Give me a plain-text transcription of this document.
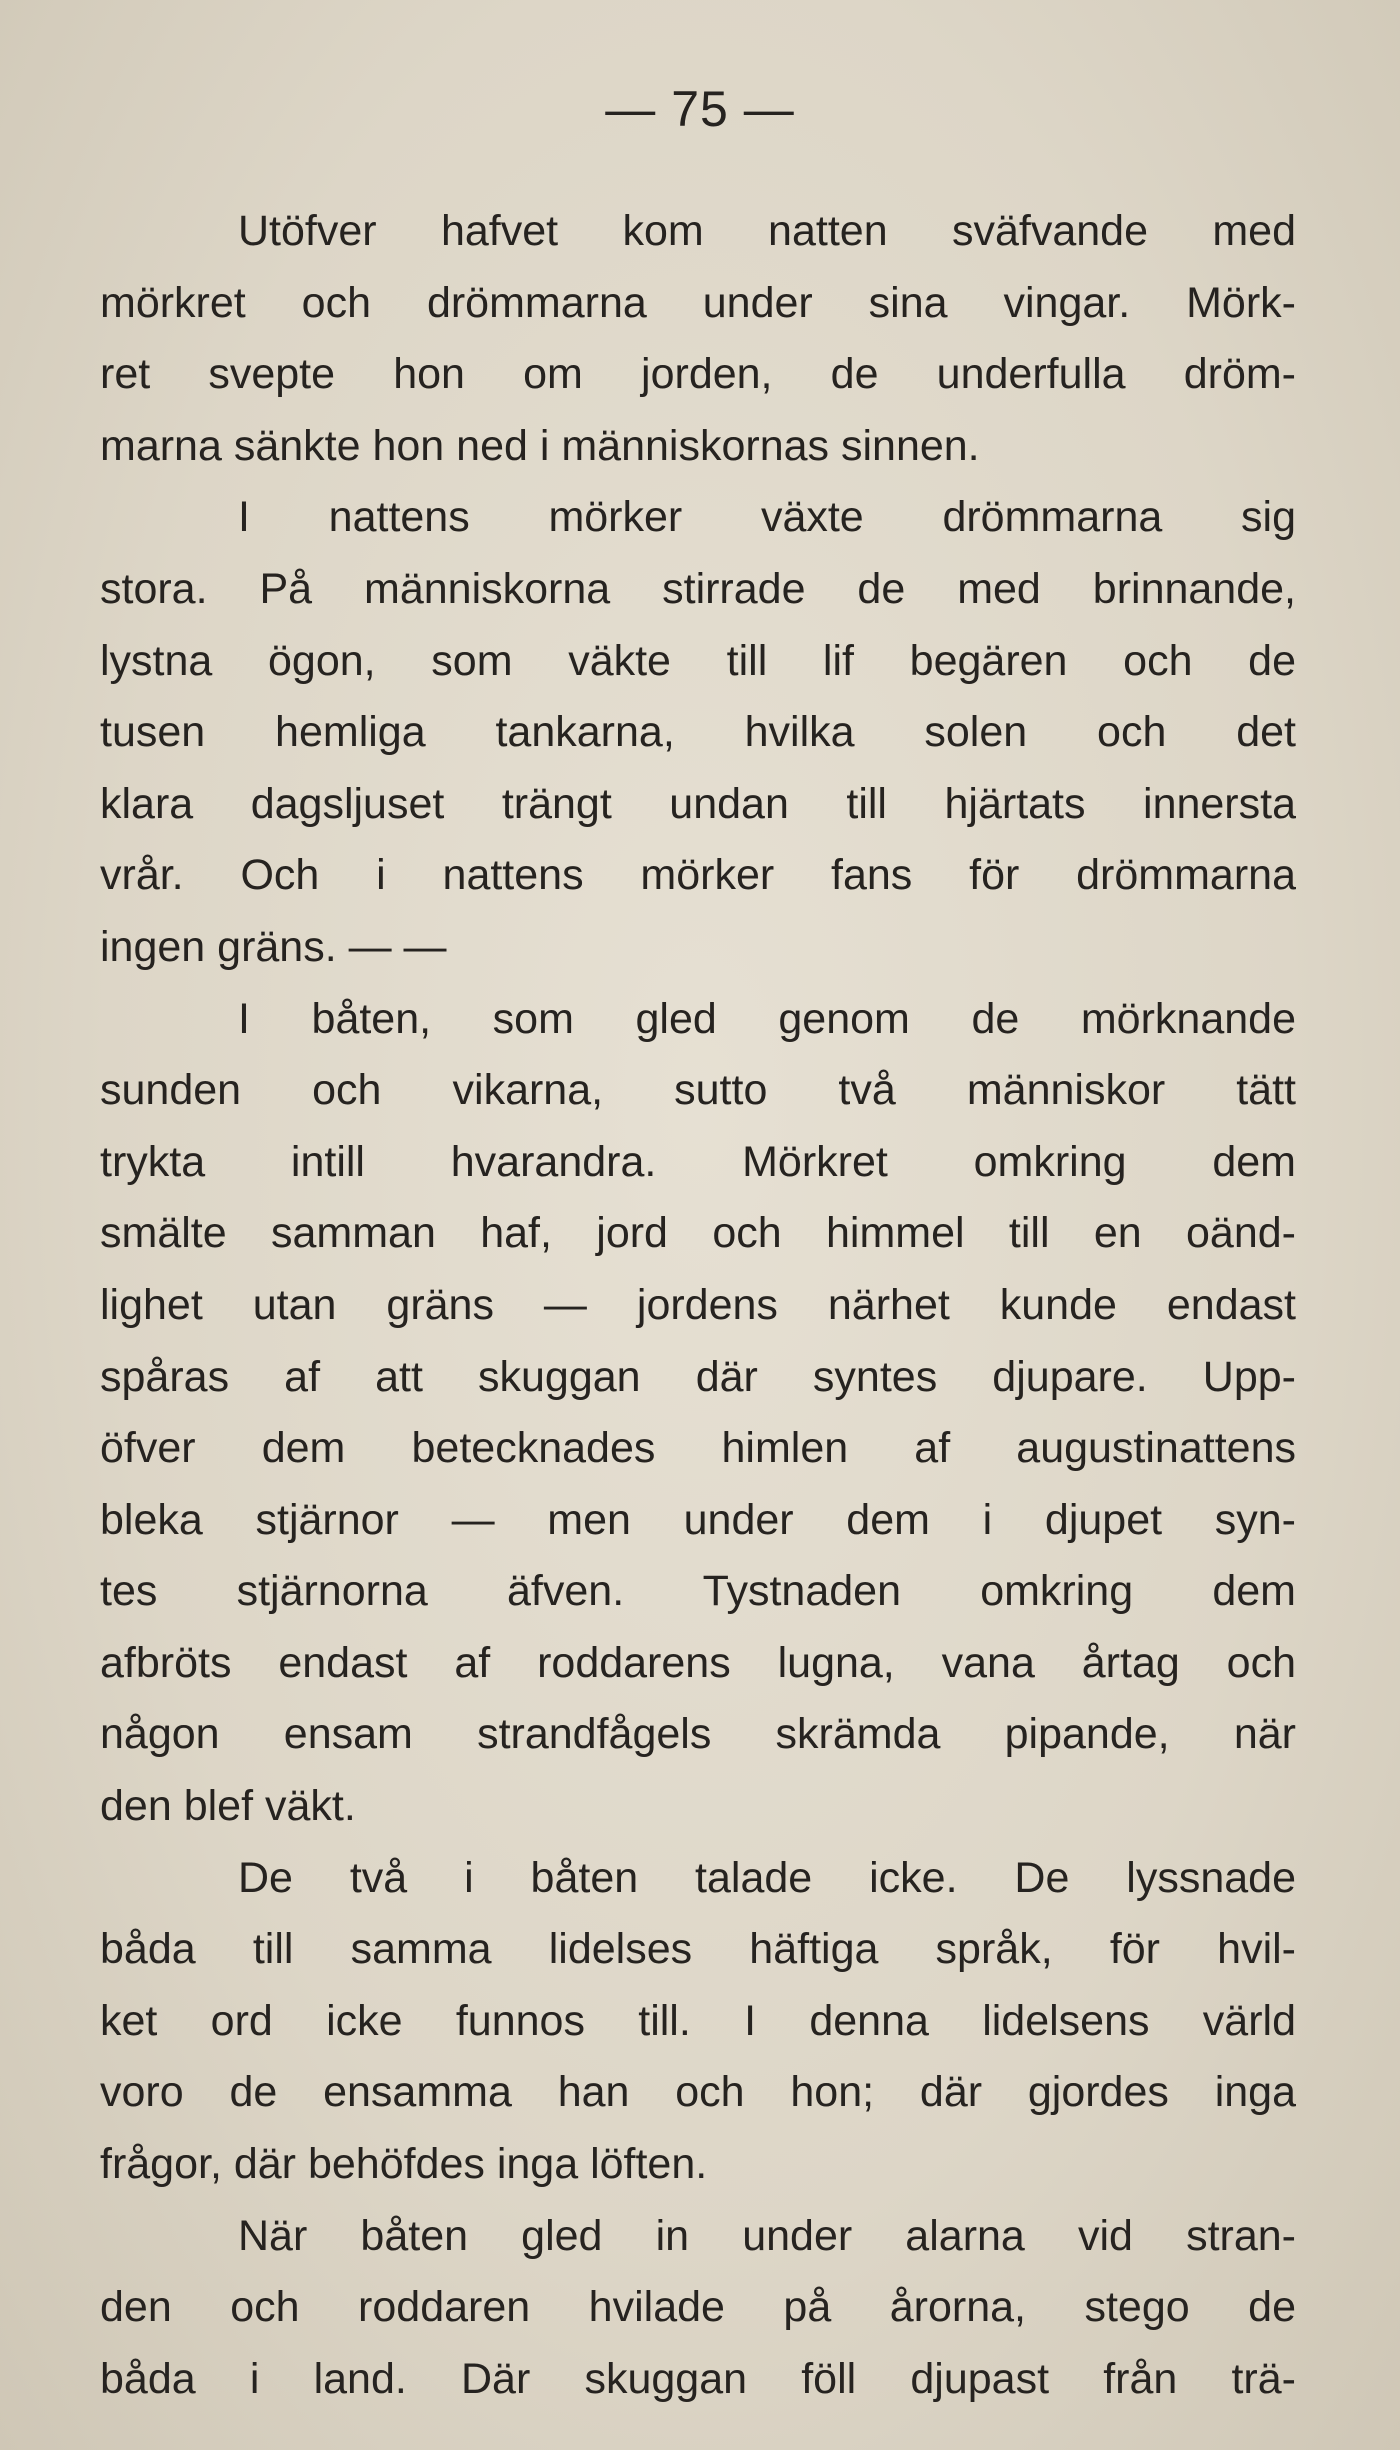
— 75 —
Utöfver hafvet kom natten sväfvande med
mörkret och drömmarna under sina vingar. Mörk-
ret svepte hon om jorden, de underfulla dröm-
marna sänkte hon ned i människornas sinnen.
I nattens mörker växte drömmarna sig
stora. På människorna stirrade de med brinnande,
lystna ögon, som väkte till lif begären och de
tusen hemliga tankarna, hvilka solen och det
klara dagsljuset trängt undan till hjärtats innersta
vrår. Och i nattens mörker fans för drömmarna
ingen gräns. — —
I båten, som gled genom de mörknande
sunden och vikarna, sutto två människor tätt
trykta intill hvarandra. Mörkret omkring dem
smälte samman haf, jord och himmel till en oänd-
lighet utan gräns — jordens närhet kunde endast
spåras af att skuggan där syntes djupare. Upp-
öfver dem betecknades himlen af augustinattens
bleka stjärnor — men under dem i djupet syn-
tes stjärnorna äfven. Tystnaden omkring dem
afbröts endast af roddarens lugna, vana årtag och
någon ensam strandfågels skrämda pipande, när
den blef väkt.
De två i båten talade icke. De lyssnade
båda till samma lidelses häftiga språk, för hvil-
ket ord icke funnos till. I denna lidelsens värld
voro de ensamma han och hon; där gjordes inga
frågor, där behöfdes inga löften.
När båten gled in under alarna vid stran-
den och roddaren hvilade på årorna, stego de
båda i land. Där skuggan föll djupast från trä-
